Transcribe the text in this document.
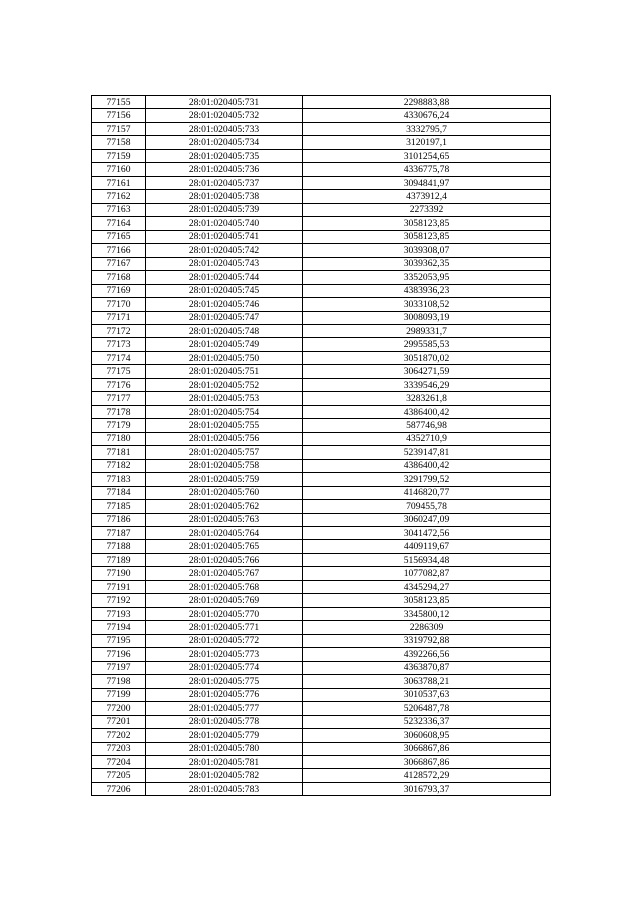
77155	28:01:020405:731	2298883,88
77156	28:01:020405:732	4330676,24
77157	28:01:020405:733	3332795,7
77158	28:01:020405:734	3120197,1
77159	28:01:020405:735	3101254,65
77160	28:01:020405:736	4336775,78
77161	28:01:020405:737	3094841,97
77162	28:01:020405:738	4373912,4
77163	28:01:020405:739	2273392
77164	28:01:020405:740	3058123,85
77165	28:01:020405:741	3058123,85
77166	28:01:020405:742	3039308,07
77167	28:01:020405:743	3039362,35
77168	28:01:020405:744	3352053,95
77169	28:01:020405:745	4383936,23
77170	28:01:020405:746	3033108,52
77171	28:01:020405:747	3008093,19
77172	28:01:020405:748	2989331,7
77173	28:01:020405:749	2995585,53
77174	28:01:020405:750	3051870,02
77175	28:01:020405:751	3064271,59
77176	28:01:020405:752	3339546,29
77177	28:01:020405:753	3283261,8
77178	28:01:020405:754	4386400,42
77179	28:01:020405:755	587746,98
77180	28:01:020405:756	4352710,9
77181	28:01:020405:757	5239147,81
77182	28:01:020405:758	4386400,42
77183	28:01:020405:759	3291799,52
77184	28:01:020405:760	4146820,77
77185	28:01:020405:762	709455,78
77186	28:01:020405:763	3060247,09
77187	28:01:020405:764	3041472,56
77188	28:01:020405:765	4409119,67
77189	28:01:020405:766	5156934,48
77190	28:01:020405:767	1077082,87
77191	28:01:020405:768	4345294,27
77192	28:01:020405:769	3058123,85
77193	28:01:020405:770	3345800,12
77194	28:01:020405:771	2286309
77195	28:01:020405:772	3319792,88
77196	28:01:020405:773	4392266,56
77197	28:01:020405:774	4363870,87
77198	28:01:020405:775	3063788,21
77199	28:01:020405:776	3010537,63
77200	28:01:020405:777	5206487,78
77201	28:01:020405:778	5232336,37
77202	28:01:020405:779	3060608,95
77203	28:01:020405:780	3066867,86
77204	28:01:020405:781	3066867,86
77205	28:01:020405:782	4128572,29
77206	28:01:020405:783	3016793,37
